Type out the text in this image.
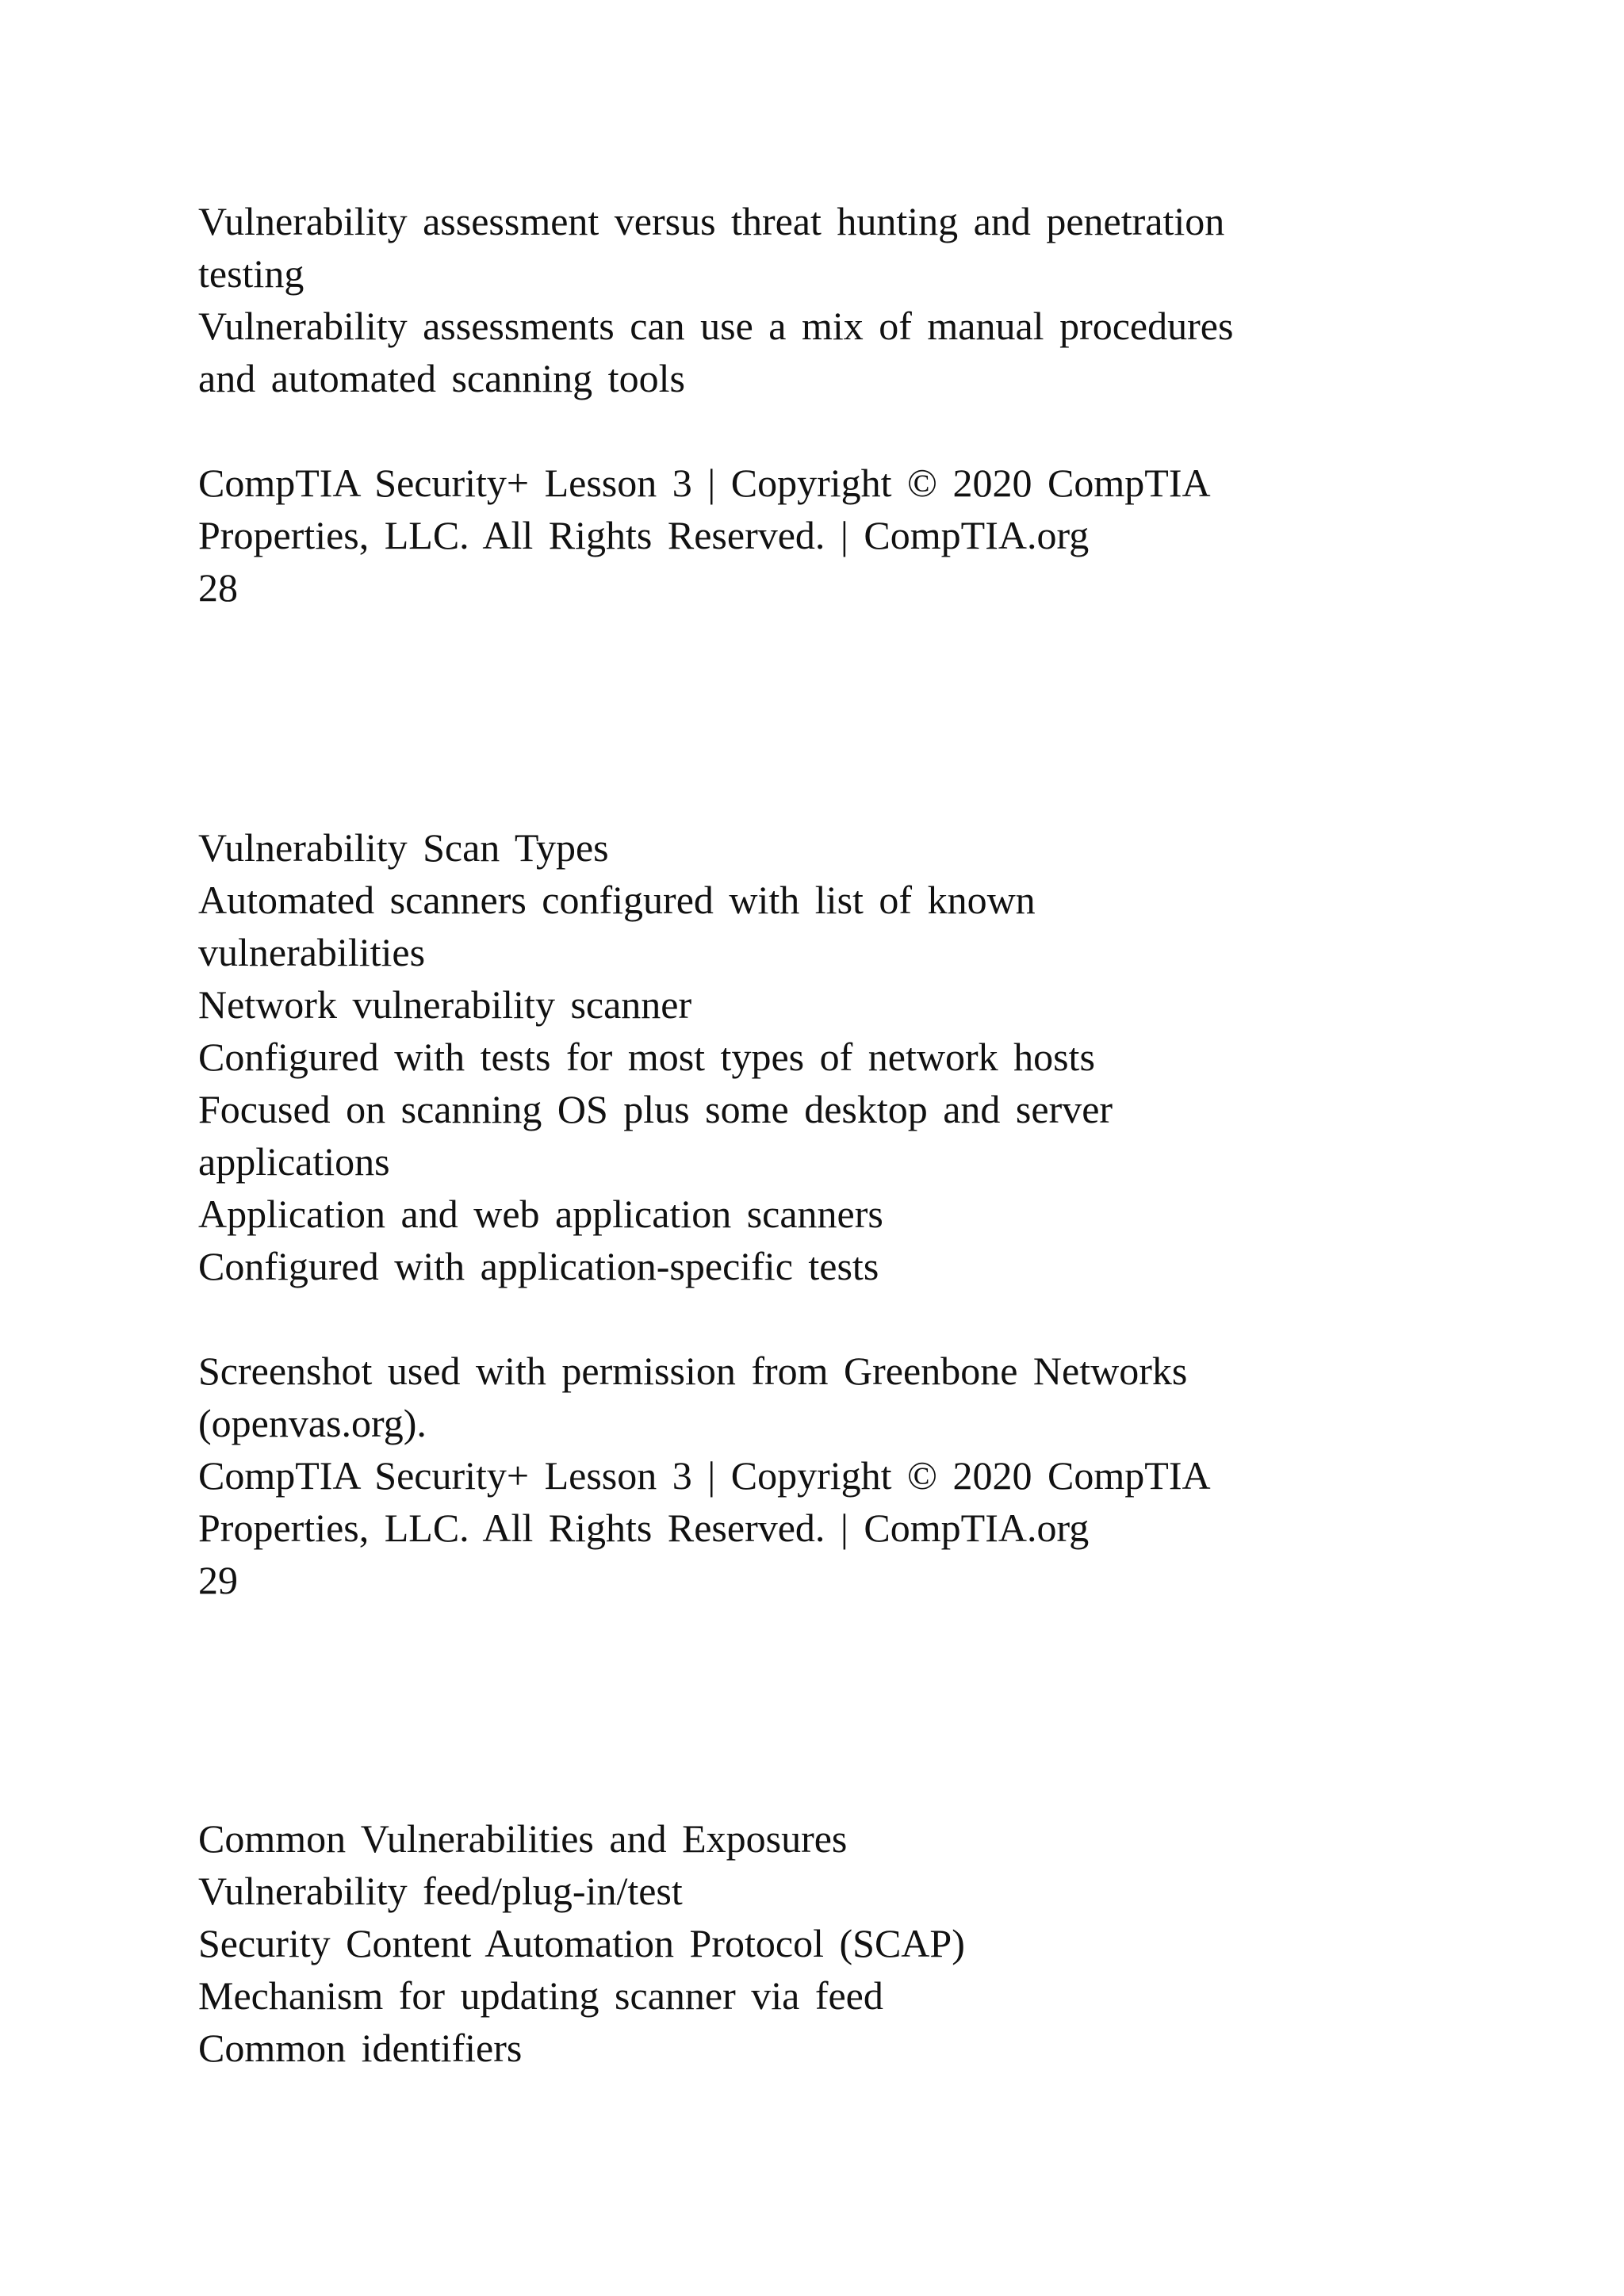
Vulnerability assessment versus threat hunting and penetration
testing
Vulnerability assessments can use a mix of manual procedures
and automated scanning tools
CompTIA Security+ Lesson 3 | Copyright © 2020 CompTIA
Properties, LLC. All Rights Reserved. | CompTIA.org
28
Vulnerability Scan Types
Automated scanners configured with list of known
vulnerabilities
Network vulnerability scanner
Configured with tests for most types of network hosts
Focused on scanning OS plus some desktop and server
applications
Application and web application scanners
Configured with application-specific tests
Screenshot used with permission from Greenbone Networks
(openvas.org).
CompTIA Security+ Lesson 3 | Copyright © 2020 CompTIA
Properties, LLC. All Rights Reserved. | CompTIA.org
29
Common Vulnerabilities and Exposures
Vulnerability feed/plug-in/test
Security Content Automation Protocol (SCAP)
Mechanism for updating scanner via feed
Common identifiers
